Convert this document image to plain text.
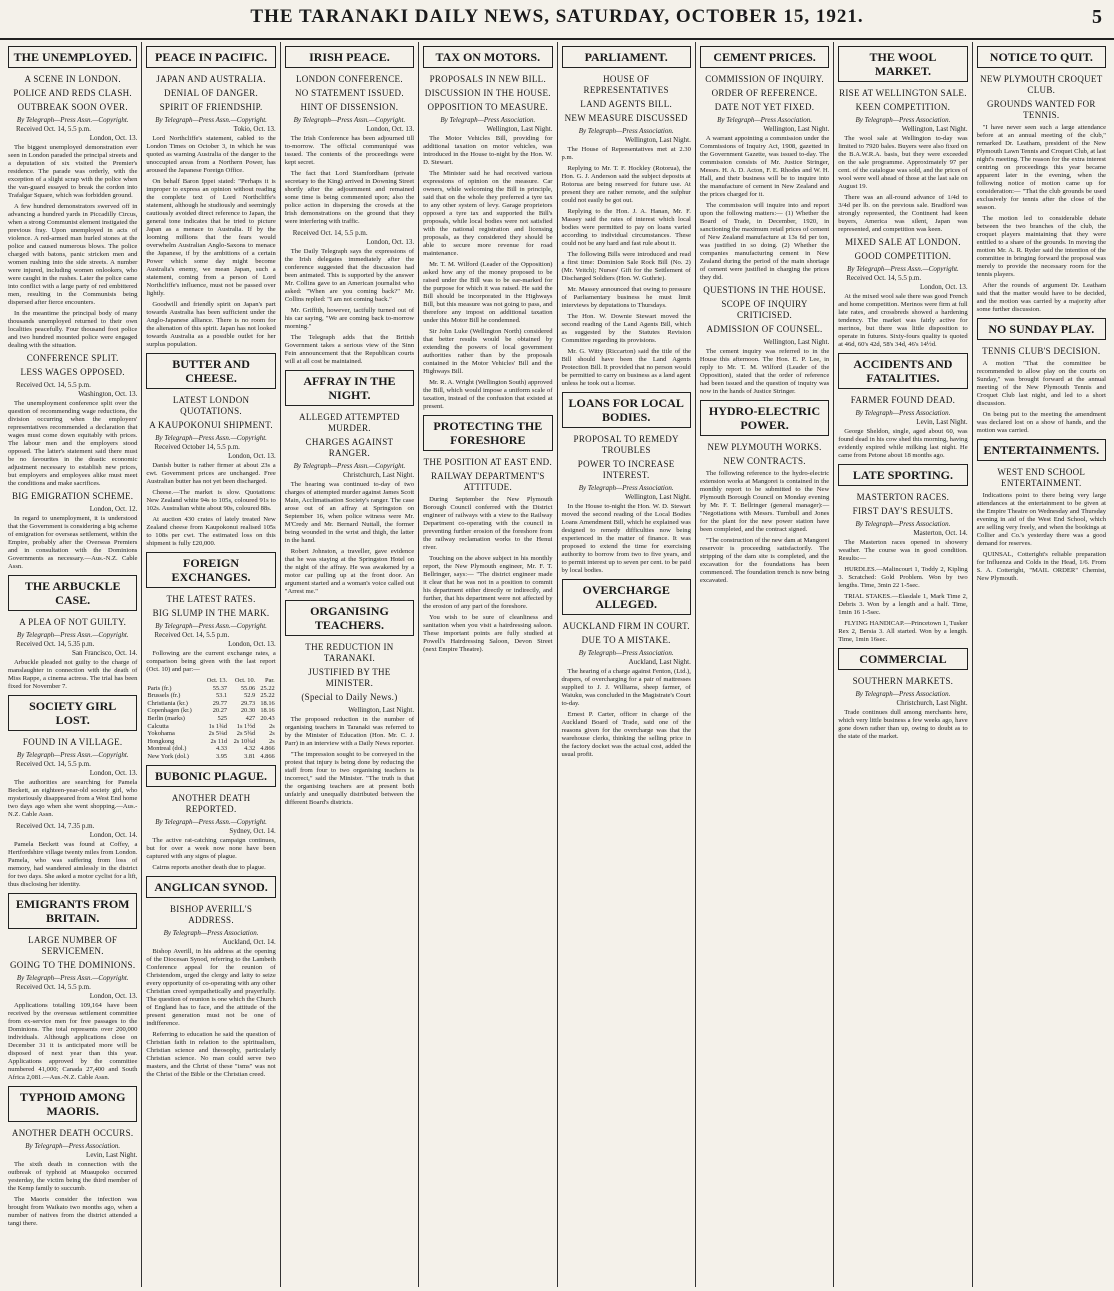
THE TARANAKI DAILY NEWS, SATURDAY, OCTOBER 15, 1921.	5
THE UNEMPLOYED.
A SCENE IN LONDON.
POLICE AND REDS CLASH.
OUTBREAK SOON OVER.
By Telegraph—Press Assn.—Copyright.
Received Oct. 14, 5.5 p.m.
London, Oct. 13.
The biggest unemployed demonstration ever seen in London paraded the principal streets and a deputation of six visited the Premier's residence. The parade was orderly, with the exception of a slight scrap with the police when the van-guard essayed to break the cordon into Trafalgar Square, which was forbidden ground.
A few hundred demonstrators swerved off in advancing a hundred yards in Piccadilly Circus, when a strong Communist element instigated the previous fray. Upon unemployed in acts of violence. A red-armed man hurled stones at the police and caused numerous blows. The police charged with batons, panic stricken men and women rushing into the side streets. A number were injured, including women onlookers, who were caught in the rushes. Later the police came into conflict with a large party of red embittered men, resulting in the Communists being dispersed after fierce encounters.
In the meantime the principal body of many thousands unemployed returned to their own localities peacefully. Four thousand foot police and two hundred mounted police were engaged dealing with the situation.
CONFERENCE SPLIT.
LESS WAGES OPPOSED.
Received Oct. 14, 5.5 p.m.
Washington, Oct. 13.
The unemployment conference split over the question of recommending wage reductions, the division occurring when the employers' representatives recommended a declaration that wages must come down equitably with prices. The labour men and the employers stood opposed. The latter's statement said there must be no favourites in the drastic economic adjustment necessary to establish new prices, but employers and employees alike must meet the conditions and make sacrifices.
BIG EMIGRATION SCHEME.
London, Oct. 12.
In regard to unemployment, it is understood that the Government is considering a big scheme of emigration for overseas settlement, within the Empire, probably after the Overseas Premiers and in consultation with the Dominions Governments as necessary.—Aus.-N.Z. Cable Assn.
THE ARBUCKLE CASE.
A PLEA OF NOT GUILTY.
By Telegraph—Press Assn.—Copyright.
Received Oct. 14, 5.35 p.m.
San Francisco, Oct. 14.
Arbuckle pleaded not guilty to the charge of manslaughter in connection with the death of Miss Rappe, a cinema actress. The trial has been fixed for November 7.
SOCIETY GIRL LOST.
FOUND IN A VILLAGE.
By Telegraph—Press Assn.—Copyright.
Received Oct. 14, 5.5 p.m.
London, Oct. 13.
The authorities are searching for Pamela Beckett, an eighteen-year-old society girl, who mysteriously disappeared from a West End home two days ago when she went shopping.—Aus.-N.Z. Cable Assn.
Received Oct. 14, 7.35 p.m.
London, Oct. 14.
Pamela Beckett was found at Coffey, a Hertfordshire village twenty miles from London. Pamela, who was suffering from loss of memory, had wandered aimlessly in the district for two days. She asked a motor cyclist for a lift, thus disclosing her identity.
EMIGRANTS FROM BRITAIN.
LARGE NUMBER OF SERVICEMEN.
GOING TO THE DOMINIONS.
By Telegraph—Press Assn.—Copyright.
Received Oct. 14, 5.5 p.m.
London, Oct. 13.
Applications totalling 109,164 have been received by the overseas settlement committee from ex-service men for free passages to the Dominions. The total represents over 200,000 individuals. Although applications close on December 31 it is anticipated more will be disposed of next year than this year. Applications approved by the committee numbered 41,000; Canada 27,400 and South Africa 2,081.—Aus.-N.Z. Cable Assn.
TYPHOID AMONG MAORIS.
ANOTHER DEATH OCCURS.
By Telegraph—Press Association.
Levin, Last Night.
The sixth death in connection with the outbreak of typhoid at Muaupoko occurred yesterday, the victim being the third member of the Kemp family to succumb.
The Maoris consider the infection was brought from Waikato two months ago, when a number of natives from the district attended a tangi there.
PEACE IN PACIFIC.
JAPAN AND AUSTRALIA.
DENIAL OF DANGER.
SPIRIT OF FRIENDSHIP.
By Telegraph—Press Assn.—Copyright.
Tokio, Oct. 13.
Lord Northcliffe's statement, cabled to the London Times on October 3, in which he was quoted as warning Australia of the danger to the unoccupied areas from a Northern Power, has aroused the Japanese Foreign Office.
On behalf Baron Ippei stated: "Perhaps it is improper to express an opinion without reading the complete text of Lord Northcliffe's statement, although he studiously and seemingly cautiously avoided direct reference to Japan, the general tone indicates that he tried to picture Japan as a menace to Australia. If by the looming millions that the fears would overwhelm Australian Anglo-Saxons to menace the Japanese, if by the ambitions of a certain Power which some day might become Australia's enemy, we mean Japan, such a statement, coming from a person of Lord Northcliffe's influence, must not be passed over lightly.
Goodwill and friendly spirit on Japan's part towards Australia has been sufficient under the Anglo-Japanese alliance. There is no room for the alienation of this spirit. Japan has not looked towards Australia as a possible outlet for her surplus population.
BUTTER AND CHEESE.
LATEST LONDON QUOTATIONS.
A KAUPOKONUI SHIPMENT.
By Telegraph—Press Assn.—Copyright.
Received October 14, 5.5 p.m.
London, Oct. 13.
Danish butter is rather firmer at about 23s a cwt. Government prices are unchanged. Free Australian butter has not yet been discharged.
Cheese.—The market is slow. Quotations: New Zealand white 94s to 105s, coloured 91s to 102s. Australian white about 90s, coloured 88s.
At auction 430 crates of lately treated New Zealand cheese from Kaupokonui realised 105s to 108s per cwt. The estimated loss on this shipment is fully £20,000.
FOREIGN EXCHANGES.
THE LATEST RATES.
BIG SLUMP IN THE MARK.
By Telegraph—Press Assn.—Copyright.
Received Oct. 14, 5.5 p.m.
London, Oct. 13.
Following are the current exchange rates, a comparison being given with the last report (Oct. 10) and par:—
	Oct. 13.	Oct. 10.	Par.
Paris (fr.)	55.37	55.06	25.22
Brussels (fr.)	53.1	52.9	25.22
Christiania (kr.)	29.77	29.73	18.16
Copenhagen (kr.)	20.27	20.30	18.16
Berlin (marks)	525	427	20.43
Calcutta	1s 1¾d	1s 1½d	2s
Yokohama	2s 5¼d	2s 5¾d	2s
Hongkong	2s 11d	2s 10¾d	2s
Montreal (dol.)	4.33	4.32	4.866
New York (dol.)	3.95	3.81	4.866
BUBONIC PLAGUE.
ANOTHER DEATH REPORTED.
By Telegraph—Press Assn.—Copyright.
Sydney, Oct. 14.
The active rat-catching campaign continues, but for over a week now none have been captured with any signs of plague.
Cairns reports another death due to plague.
ANGLICAN SYNOD.
BISHOP AVERILL'S ADDRESS.
By Telegraph—Press Association.
Auckland, Oct. 14.
Bishop Averill, in his address at the opening of the Diocesan Synod, referring to the Lambeth Conference appeal for the reunion of Christendom, urged the clergy and laity to seize every opportunity of co-operating with any other Christian creed sympathetically and prayerfully. The question of reunion is one which the Church of England has to face, and the attitude of the present generation must not be one of indifference.
Referring to education he said the question of Christian faith in relation to the spiritualism, Christian science and theosophy, particularly Christian science. No man could serve two masters, and the Christ of these "isms" was not the Christ of the Bible or the Christian creed.
IRISH PEACE.
LONDON CONFERENCE.
NO STATEMENT ISSUED.
HINT OF DISSENSION.
By Telegraph—Press Assn.—Copyright.
London, Oct. 13.
The Irish Conference has been adjourned till to-morrow. The official communiqué was issued. The contents of the proceedings were kept secret.
The fact that Lord Stamfordham (private secretary to the King) arrived in Downing Street shortly after the adjournment and remained some time is being commented upon; also the police action in dispersing the crowds at the Irish demonstrations on the ground that they were interfering with traffic.
Received Oct. 14, 5.5 p.m.
London, Oct. 13.
The Daily Telegraph says the expressions of the Irish delegates immediately after the conference suggested that the discussion had been animated. This is supported by the answer Mr. Collins gave to an American journalist who asked: "When are you coming back?" Mr. Collins replied: "I am not coming back."
Mr. Griffith, however, tactfully turned out of his car saying, "We are coming back to-morrow morning."
The Telegraph adds that the British Government takes a serious view of the Sinn Fein announcement that the Republican courts will at all cost be maintained.
AFFRAY IN THE NIGHT.
ALLEGED ATTEMPTED MURDER.
CHARGES AGAINST RANGER.
By Telegraph—Press Assn.—Copyright.
Christchurch, Last Night.
The hearing was continued to-day of two charges of attempted murder against James Scott Main, Acclimatisation Society's ranger. The case arose out of an affray at Springston on September 16, when police witness were Mr. M'Credy and Mr. Bernard Nuttall, the former being wounded in the wrist and thigh, the latter in the hand.
Robert Johnston, a traveller, gave evidence that he was staying at the Springston Hotel on the night of the affray. He was awakened by a motor car pulling up at the front door. An argument started and a woman's voice called out "Arrest me."
ORGANISING TEACHERS.
THE REDUCTION IN TARANAKI.
JUSTIFIED BY THE MINISTER.
(Special to Daily News.)
Wellington, Last Night.
The proposed reduction in the number of organising teachers in Taranaki was referred to by the Minister of Education (Hon. Mr. C. J. Parr) in an interview with a Daily News reporter.
"The impression sought to be conveyed in the protest that injury is being done by reducing the staff from four to two organising teachers is incorrect," said the Minister. "The truth is that the organising teachers are at present both unfairly and unequally distributed between the different Board's districts.
TAX ON MOTORS.
PROPOSALS IN NEW BILL.
DISCUSSION IN THE HOUSE.
OPPOSITION TO MEASURE.
By Telegraph—Press Association.
Wellington, Last Night.
The Motor Vehicles Bill, providing for additional taxation on motor vehicles, was introduced in the House to-night by the Hon. W. D. Stewart.
The Minister said he had received various expressions of opinion on the measure. Car owners, while welcoming the Bill in principle, said that on the whole they preferred a tyre tax to any other system of levy. Garage proprietors opposed a tyre tax and supported the Bill's proposals, while local bodies were not satisfied with the national registration and licensing proposals, as they considered they should be able to secure more revenue for road maintenance.
Mr. T. M. Wilford (Leader of the Opposition) asked how any of the money proposed to be raised under the Bill was to be ear-marked for the purpose for which it was raised. He said the Bill should be incorporated in the Highways Bill, but this measure was not going to pass, and therefore any impost on additional taxation under this Motor Bill he condemned.
Sir John Luke (Wellington North) considered that better results would be obtained by extending the powers of local government authorities rather than by the proposals contained in the Motor Vehicles' Bill and the Highways Bill.
Mr. R. A. Wright (Wellington South) approved the Bill, which would impose a uniform scale of taxation, instead of the confusion that existed at present.
PROTECTING THE FORESHORE
THE POSITION AT EAST END.
RAILWAY DEPARTMENT'S ATTITUDE.
During September the New Plymouth Borough Council conferred with the District engineer of railways with a view to the Railway Department co-operating with the council in preventing further erosion of the foreshore from the railway reclamation works to the Henui river.
Touching on the above subject in his monthly report, the New Plymouth engineer, Mr. F. T. Bellringer, says:— "The district engineer made it clear that he was not in a position to commit his department either directly or indirectly, and further, that his department were not affected by the erosion of any part of the foreshore.
You wish to be sure of cleanliness and sanitation when you visit a hairdressing saloon. These important points are fully studied at Powell's Hairdressing Saloon, Devon Street (next Empire Theatre).
PARLIAMENT.
HOUSE OF REPRESENTATIVES
LAND AGENTS BILL.
NEW MEASURE DISCUSSED
By Telegraph—Press Association.
Wellington, Last Night.
The House of Representatives met at 2.30 p.m.
Replying to Mr. T. F. Hockley (Rotorua), the Hon. G. J. Anderson said the subject deposits at Rotorua are being reserved for future use. At present they are rather remote, and the sulphur could not easily be got out.
Replying to the Hon. J. A. Hanan, Mr. F. Massey said the rates of interest which local bodies were permitted to pay on loans varied according to individual circumstances. These could not be any hard and fast rule about it.
The following Bills were introduced and read a first time: Dominion Sale Rock Bill (No. 2) (Mr. Veitch); Nurses' Gift for the Settlement of Discharged Soldiers (Hon. W. Guthrie).
Mr. Massey announced that owing to pressure of Parliamentary business he must limit interviews by deputations to Thursdays.
The Hon. W. Downie Stewart moved the second reading of the Land Agents Bill, which as suggested by the Statutes Revision Committee regarding its provisions.
Mr. G. Witty (Riccarton) said the title of the Bill should have been the Land Agents Protection Bill. It provided that no person would be permitted to carry on business as a land agent unless he took out a license.
LOANS FOR LOCAL BODIES.
PROPOSAL TO REMEDY TROUBLES
POWER TO INCREASE INTEREST.
By Telegraph—Press Association.
Wellington, Last Night.
In the House to-night the Hon. W. D. Stewart moved the second reading of the Local Bodies Loans Amendment Bill, which he explained was designed to remedy difficulties now being experienced in the matter of finance. It was proposed to extend the time for exercising authority to borrow from two to five years, and to permit interest up to seven per cent. to be paid by local bodies.
OVERCHARGE ALLEGED.
AUCKLAND FIRM IN COURT.
DUE TO A MISTAKE.
By Telegraph—Press Association.
Auckland, Last Night.
The hearing of a charge against Fenton, (Ltd.), drapers, of overcharging for a pair of mattresses supplied to J. J. Williams, sheep farmer, of Waiuku, was concluded in the Magistrate's Court to-day.
Ernest P. Carter, officer in charge of the Auckland Board of Trade, said one of the reasons given for the overcharge was that the warehouse clerks, thinking the selling price in the factory docket was the actual cost, added the usual profit.
CEMENT PRICES.
COMMISSION OF INQUIRY.
ORDER OF REFERENCE.
DATE NOT YET FIXED.
By Telegraph—Press Association.
Wellington, Last Night.
A warrant appointing a commission under the Commissions of Inquiry Act, 1908, gazetted in the Government Gazette, was issued to-day. The commission consists of Mr. Justice Stringer, Messrs. H. A. D. Acton, F. E. Rhodes and W. H. Hall, and their business will be to inquire into the manufacture of cement in New Zealand and the prices charged for it.
The commission will inquire into and report upon the following matters:— (1) Whether the Board of Trade, in December, 1920, in sanctioning the maximum retail prices of cement of New Zealand manufacture at 13s 6d per ton, was justified in so doing. (2) Whether the companies manufacturing cement in New Zealand during the period of the main shortage of cement were justified in charging the prices they did.
QUESTIONS IN THE HOUSE.
SCOPE OF INQUIRY CRITICISED.
ADMISSION OF COUNSEL.
Wellington, Last Night.
The cement inquiry was referred to in the House this afternoon. The Hon. E. P. Lee, in reply to Mr. T. M. Wilford (Leader of the Opposition), stated that the order of reference had been issued and the question of inquiry was now in the hands of Justice Stringer.
HYDRO-ELECTRIC POWER.
NEW PLYMOUTH WORKS.
NEW CONTRACTS.
The following reference to the hydro-electric extension works at Mangorei is contained in the monthly report to be submitted to the New Plymouth Borough Council on Monday evening by Mr. F. T. Bellringer (general manager):— "Negotiations with Messrs. Turnbull and Jones for the plant for the new power station have been completed, and the contract signed.
"The construction of the new dam at Mangorei reservoir is proceeding satisfactorily. The stripping of the dam site is completed, and the excavation for the foundations has been commenced. The foundation trench is now being excavated.
THE WOOL MARKET.
RISE AT WELLINGTON SALE.
KEEN COMPETITION.
By Telegraph—Press Association.
Wellington, Last Night.
The wool sale at Wellington to-day was limited to 7920 bales. Buyers were also fixed on the B.A.W.R.A. basis, but they were exceeded on the sale programme. Approximately 97 per cent. of the catalogue was sold, and the prices of wool were well ahead of those at the last sale on August 19.
There was an all-round advance of 1/4d to 3/4d per lb. on the previous sale. Bradford was strongly represented, the Continent had keen buyers, America was silent, Japan was represented, and competition was keen.
MIXED SALE AT LONDON.
GOOD COMPETITION.
By Telegraph—Press Assn.—Copyright.
Received Oct. 14, 5.5 p.m.
London, Oct. 13.
At the mixed wool sale there was good French and home competition. Merinos were firm at full late rates, and crossbreds showed a hardening tendency. The market was fairly active for merinos, but there was little disposition to operate in futures. Sixty-fours quality is quoted at 46d, 60's 42d, 58's 34d, 46's 14½d.
ACCIDENTS AND FATALITIES.
FARMER FOUND DEAD.
By Telegraph—Press Association.
Levin, Last Night.
George Sheldon, single, aged about 60, was found dead in his cow shed this morning, having evidently expired while milking last night. He came from Petone about 18 months ago.
LATE SPORTING.
MASTERTON RACES.
FIRST DAY'S RESULTS.
By Telegraph—Press Association.
Masterton, Oct. 14.
The Masterton races opened in showery weather. The course was in good condition. Results:—
HURDLES.—Malincourt 1, Toddy 2, Kipling 3. Scratched: Gold Problem. Won by two lengths. Time, 3min 22 1-5sec.
TRIAL STAKES.—Elasdale 1, Mark Time 2, Debris 3. Won by a length and a half. Time, 1min 16 1-5sec.
FLYING HANDICAP.—Princetown 1, Tusker Rex 2, Bersia 3. All started. Won by a length. Time, 1min 16sec.
COMMERCIAL
SOUTHERN MARKETS.
By Telegraph—Press Association.
Christchurch, Last Night.
Trade continues dull among merchants here, which very little business a few weeks ago, have gone down rather than up, owing to doubt as to the state of the market.
NOTICE TO QUIT.
NEW PLYMOUTH CROQUET CLUB.
GROUNDS WANTED FOR TENNIS.
"I have never seen such a large attendance before at an annual meeting of the club," remarked Dr. Leatham, president of the New Plymouth Lawn Tennis and Croquet Club, at last night's meeting. The reason for the extra interest centring on proceedings this year became apparent later in the evening, when the following notice of motion came up for consideration:— "That the club grounds be used exclusively for tennis after the close of the season.
The motion led to considerable debate between the two branches of the club, the croquet players maintaining that they were entitled to a share of the grounds. In moving the motion Mr. A. R. Ryder said the intention of the committee in bringing forward the proposal was merely to provide the necessary room for the tennis players.
After the rounds of argument Dr. Leatham said that the matter would have to be decided, and the motion was carried by a majority after some further discussion.
NO SUNDAY PLAY.
TENNIS CLUB'S DECISION.
A motion "That the committee be recommended to allow play on the courts on Sunday," was brought forward at the annual meeting of the New Plymouth Tennis and Croquet Club last night, and led to a short discussion.
On being put to the meeting the amendment was declared lost on a show of hands, and the motion was carried.
ENTERTAINMENTS.
WEST END SCHOOL ENTERTAINMENT.
Indications point to there being very large attendances at the entertainment to be given at the Empire Theatre on Wednesday and Thursday evening in aid of the West End School, which are selling very freely, and when the bookings at Collier and Co.'s yesterday there was a good demand for reserves.
QUINSAL, Cotteright's reliable preparation for Influenza and Colds in the Head, 1/6. From S. A. Cotteright, "MAIL ORDER" Chemist, New Plymouth.
